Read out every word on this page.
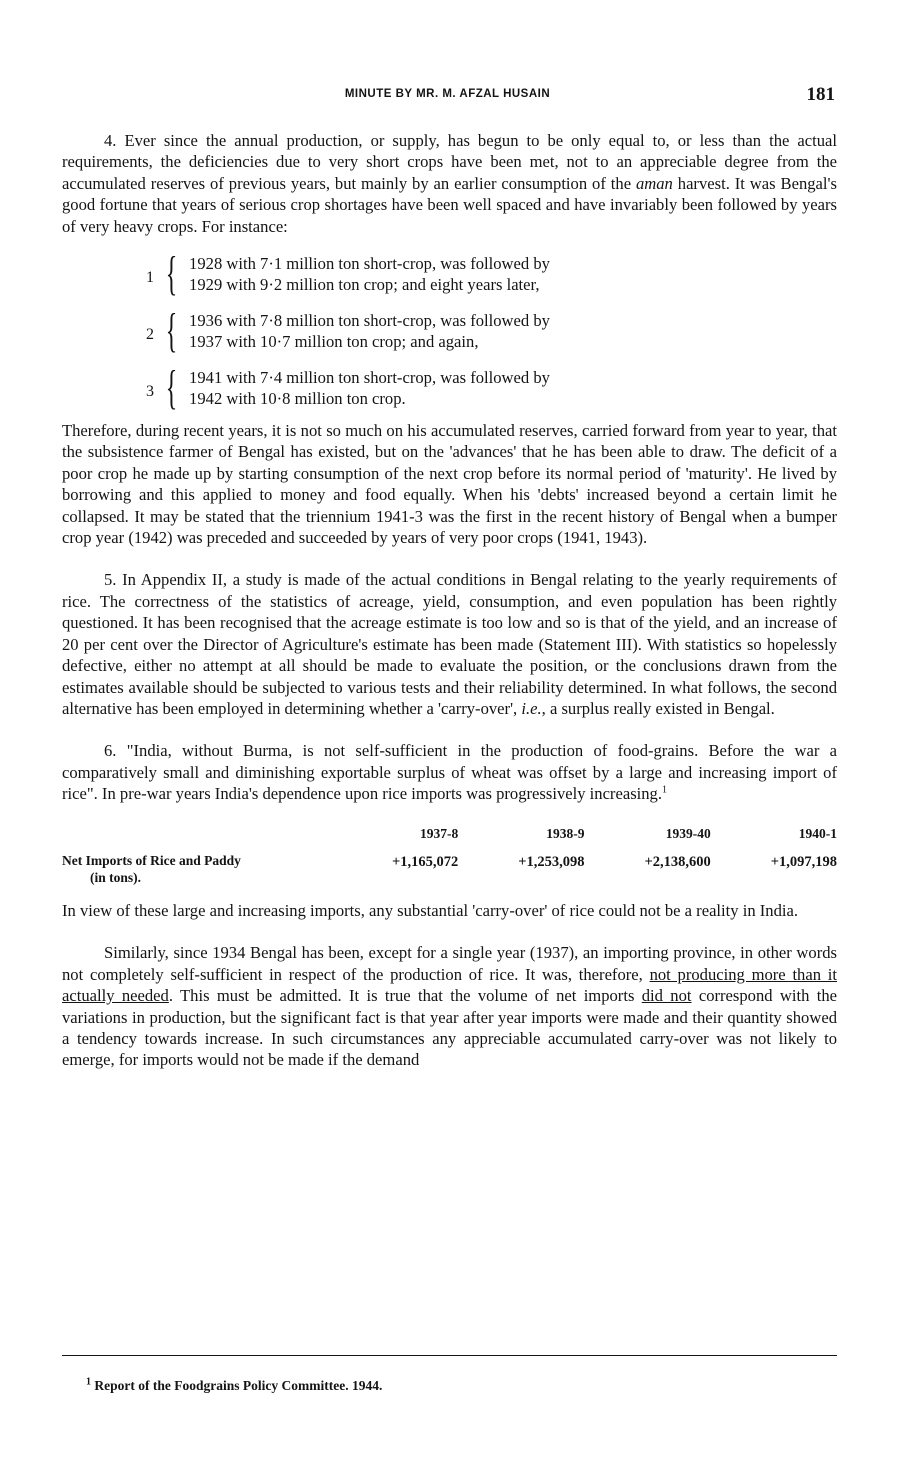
MINUTE BY MR. M. AFZAL HUSAIN	181

4. Ever since the annual production, or supply, has begun to be only equal to, or less than the actual requirements, the deficiencies due to very short crops have been met, not to an appreciable degree from the accumulated reserves of previous years, but mainly by an earlier consumption of the aman harvest. It was Bengal's good fortune that years of serious crop shortages have been well spaced and have invariably been followed by years of very heavy crops. For instance:

1 { 1928 with 7·1 million ton short-crop, was followed by
1929 with 9·2 million ton crop; and eight years later,
2 { 1936 with 7·8 million ton short-crop, was followed by
1937 with 10·7 million ton crop; and again,
3 { 1941 with 7·4 million ton short-crop, was followed by
1942 with 10·8 million ton crop.

Therefore, during recent years, it is not so much on his accumulated reserves, carried forward from year to year, that the subsistence farmer of Bengal has existed, but on the 'advances' that he has been able to draw. The deficit of a poor crop he made up by starting consumption of the next crop before its normal period of 'maturity'. He lived by borrowing and this applied to money and food equally. When his 'debts' increased beyond a certain limit he collapsed. It may be stated that the triennium 1941-3 was the first in the recent history of Bengal when a bumper crop year (1942) was preceded and succeeded by years of very poor crops (1941, 1943).

5. In Appendix II, a study is made of the actual conditions in Bengal relating to the yearly requirements of rice. The correctness of the statistics of acreage, yield, consumption, and even population has been rightly questioned. It has been recognised that the acreage estimate is too low and so is that of the yield, and an increase of 20 per cent over the Director of Agriculture's estimate has been made (Statement III). With statistics so hopelessly defective, either no attempt at all should be made to evaluate the position, or the conclusions drawn from the estimates available should be subjected to various tests and their reliability determined. In what follows, the second alternative has been employed in determining whether a 'carry-over', i.e., a surplus really existed in Bengal.

6. "India, without Burma, is not self-sufficient in the production of food-grains. Before the war a comparatively small and diminishing exportable surplus of wheat was offset by a large and increasing import of rice". In pre-war years India's dependence upon rice imports was progressively increasing.$^1$

	1937-8	1938-9	1939-40	1940-1
Net Imports of Rice and Paddy
(in tons).	+1,165,072	+1,253,098	+2,138,600	+1,097,198

In view of these large and increasing imports, any substantial 'carry-over' of rice could not be a reality in India.

Similarly, since 1934 Bengal has been, except for a single year (1937), an importing province, in other words not completely self-sufficient in respect of the production of rice. It was, therefore, not producing more than it actually needed. This must be admitted. It is true that the volume of net imports did not correspond with the variations in production, but the significant fact is that year after year imports were made and their quantity showed a tendency towards increase. In such circumstances any appreciable accumulated carry-over was not likely to emerge, for imports would not be made if the demand

$^1$ Report of the Foodgrains Policy Committee. 1944.
